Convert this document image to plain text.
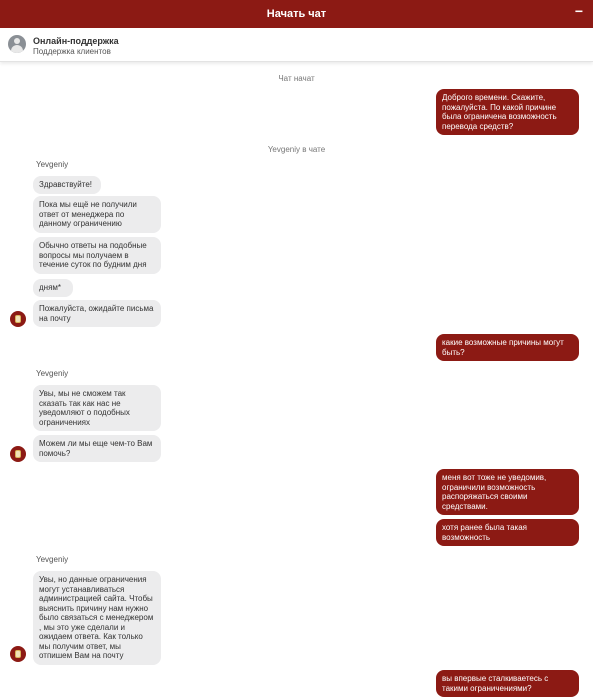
Начать чат	−
Онлайн-поддержка
Поддержка клиентов
Чат начат
Доброго времени. Скажите, пожалуйста. По какой причине была ограничена возможность перевода средств?
Yevgeniy в чате
Yevgeniy
Здравствуйте!
Пока мы ещё не получили ответ от менеджера по данному ограничению
Обычно ответы на подобные вопросы мы получаем в течение суток по будним дня
дням*
Пожалуйста, ожидайте письма на почту
какие возможные причины могут быть?
Yevgeniy
Увы, мы не сможем так сказать так как нас не уведомляют о подобных ограничениях
Можем ли мы еще чем-то Вам помочь?
меня вот тоже не уведомив, ограничили возможность распоряжаться своими средствами.
хотя ранее была такая возможность
Yevgeniy
Увы, но данные ограничения могут устанавливаться администрацией сайта. Чтобы выяснить причину нам нужно было связаться с менеджером , мы это уже сделали и ожидаем ответа. Как только мы получим ответ, мы отпишем Вам на почту
вы впервые сталкиваетесь с такими ограничениями?
